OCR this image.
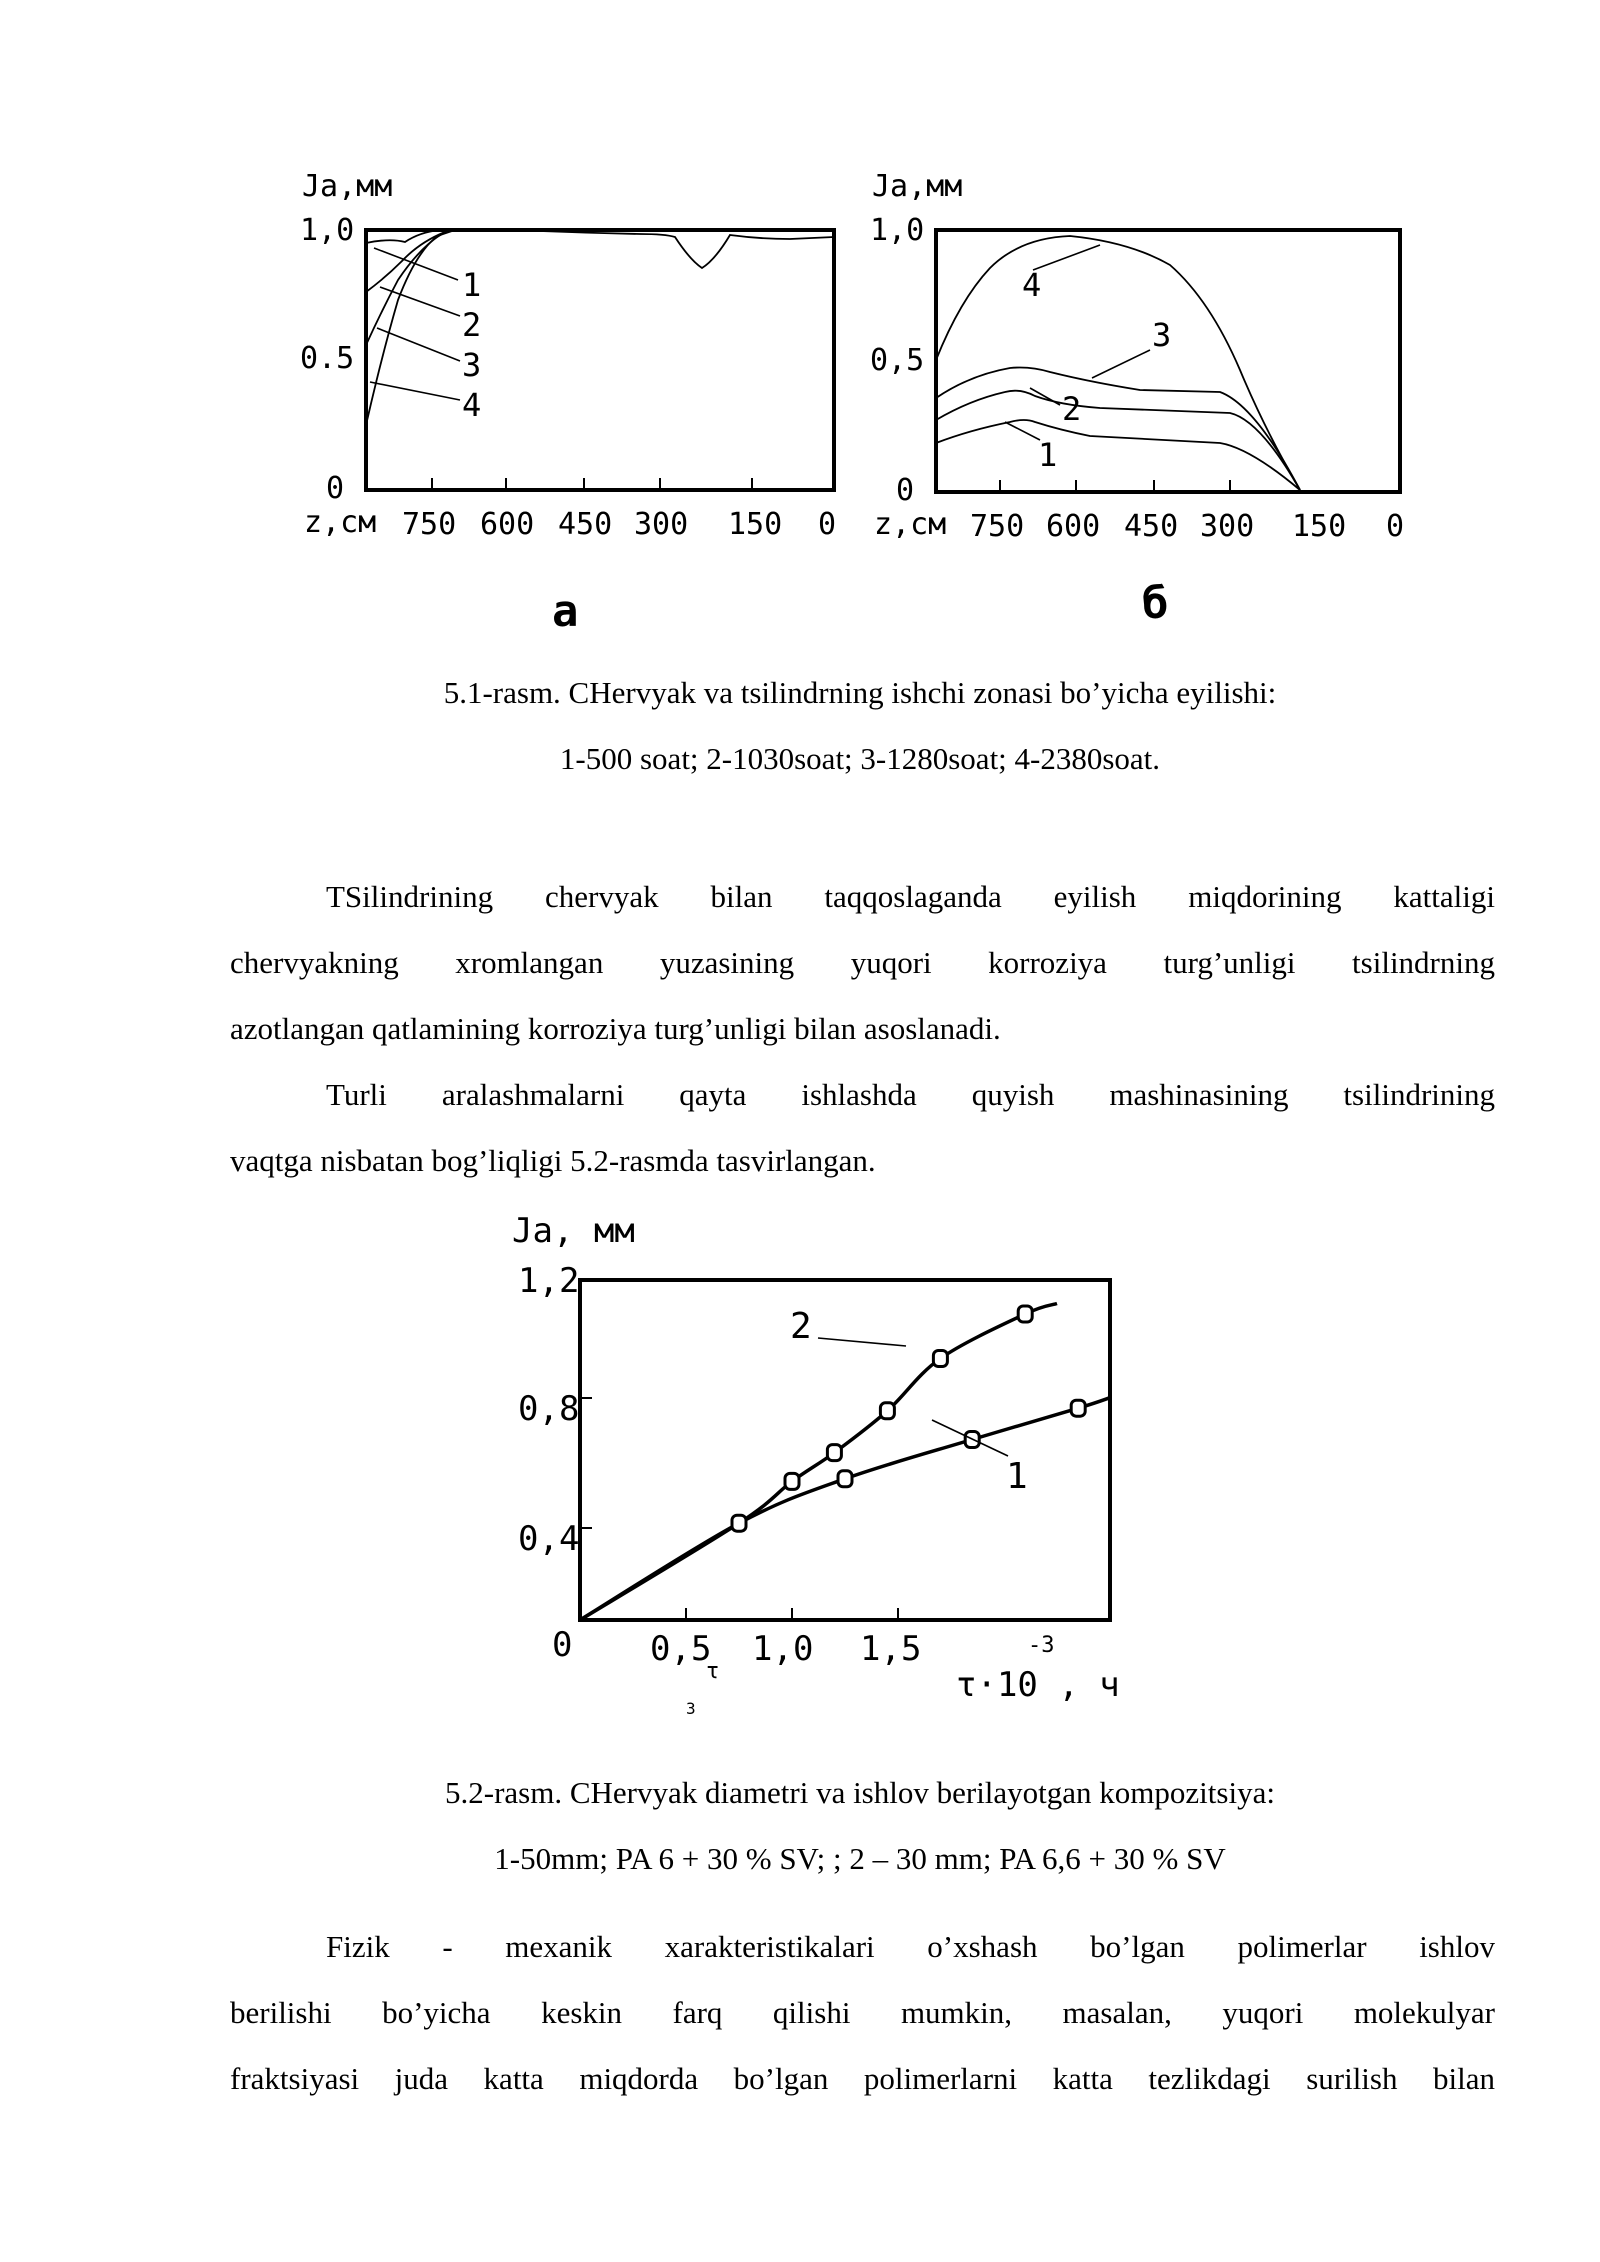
Ja,мм
1,0
0.5
0
1
2
3
4
z,см 750 600 450 300 150 0
а
Ja,мм
1,0
0,5
0
4
3
2
1
z,см 750 600 450 300 150 0
б
5.1-rasm. CHervyak va tsilindrning ishchi zonasi bo’yicha eyilishi:
1-500 soat; 2-1030soat; 3-1280soat; 4-2380soat.
TSilindrining chervyak bilan taqqoslaganda eyilish miqdorining kattaligi
chervyakning xromlangan yuzasining yuqori korroziya turg’unligi tsilindrning
azotlangan qatlamining korroziya turg’unligi bilan asoslanadi.
Turli aralashmalarni qayta ishlashda quyish mashinasining tsilindrining
vaqtga nisbatan bog’liqligi 5.2-rasmda tasvirlangan.
Ja, мм
1,2
0,8
0,4
0
2
1
0,5
τ
1,0 1,5	-3
τ·10 , ч
3
5.2-rasm. CHervyak diametri va ishlov berilayotgan kompozitsiya:
1-50mm; PA 6 + 30 % SV; ; 2 – 30 mm; PA 6,6 + 30 % SV
Fizik - mexanik xarakteristikalari o’xshash bo’lgan polimerlar ishlov
berilishi bo’yicha keskin farq qilishi mumkin, masalan, yuqori molekulyar
fraktsiyasi juda katta miqdorda bo’lgan polimerlarni katta tezlikdagi surilish bilan
